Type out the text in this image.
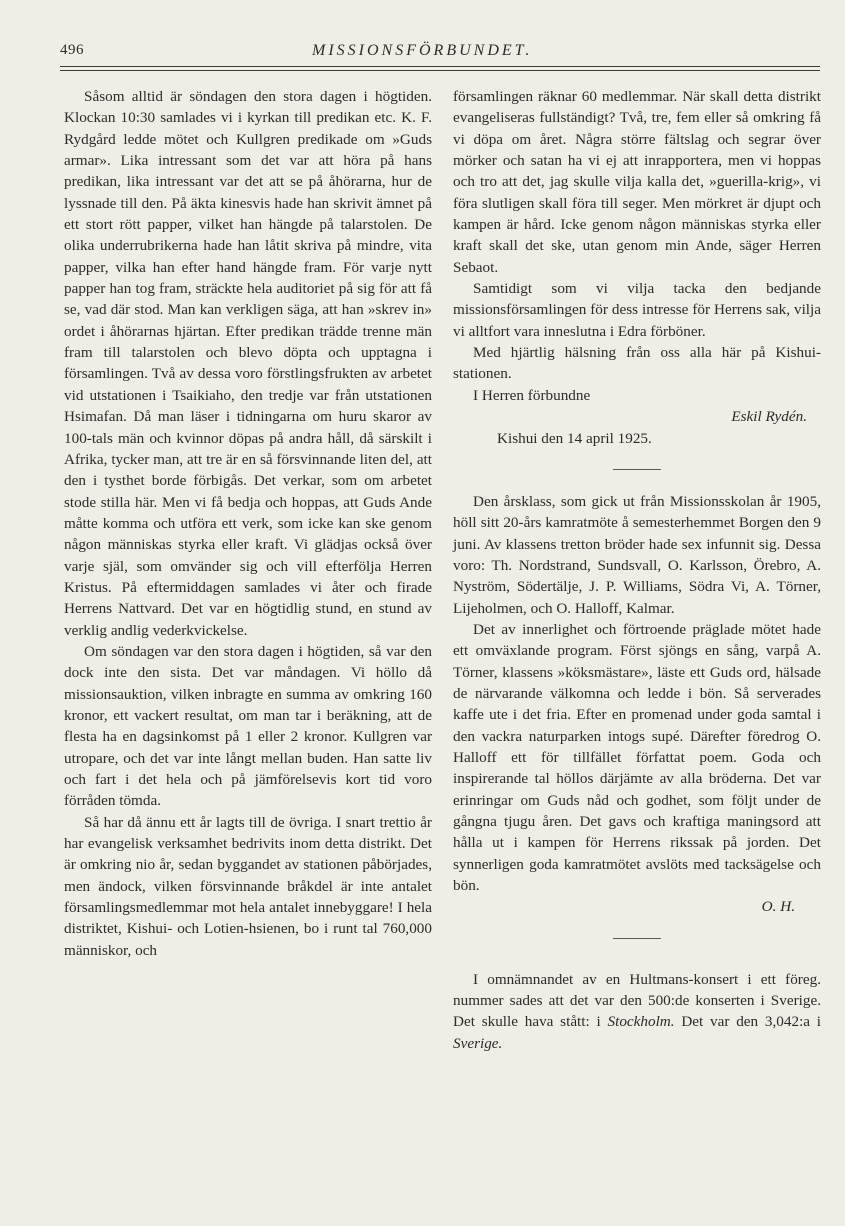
496	MISSIONSFÖRBUNDET.

Såsom alltid är söndagen den stora dagen i högtiden. Klockan 10:30 samlades vi i kyrkan till predikan etc. K. F. Rydgård ledde mötet och Kullgren predikade om »Guds armar». Lika intressant som det var att höra på hans predikan, lika intressant var det att se på åhörarna, hur de lyssnade till den. På äkta kinesvis hade han skrivit ämnet på ett stort rött papper, vilket han hängde på talarstolen. De olika underrubrikerna hade han låtit skriva på mindre, vita papper, vilka han efter hand hängde fram. För varje nytt papper han tog fram, sträckte hela auditoriet på sig för att få se, vad där stod. Man kan verkligen säga, att han »skrev in» ordet i åhörarnas hjärtan. Efter predikan trädde trenne män fram till talarstolen och blevo döpta och upptagna i församlingen. Två av dessa voro förstlingsfrukten av arbetet vid utstationen i Tsaikiaho, den tredje var från utstationen Hsimafan. Då man läser i tidningarna om huru skaror av 100-tals män och kvinnor döpas på andra håll, då särskilt i Afrika, tycker man, att tre är en så försvinnande liten del, att den i tysthet borde förbigås. Det verkar, som om arbetet stode stilla här. Men vi få bedja och hoppas, att Guds Ande måtte komma och utföra ett verk, som icke kan ske genom någon människas styrka eller kraft. Vi glädjas också över varje själ, som omvänder sig och vill efterfölja Herren Kristus. På eftermiddagen samlades vi åter och firade Herrens Nattvard. Det var en högtidlig stund, en stund av verklig andlig vederkvickelse.

Om söndagen var den stora dagen i högtiden, så var den dock inte den sista. Det var måndagen. Vi höllo då missionsauktion, vilken inbragte en summa av omkring 160 kronor, ett vackert resultat, om man tar i beräkning, att de flesta ha en dagsinkomst på 1 eller 2 kronor. Kullgren var utropare, och det var inte långt mellan buden. Han satte liv och fart i det hela och på jämförelsevis kort tid voro förråden tömda.

Så har då ännu ett år lagts till de övriga. I snart trettio år har evangelisk verksamhet bedrivits inom detta distrikt. Det är omkring nio år, sedan byggandet av stationen påbörjades, men ändock, vilken försvinnande bråkdel är inte antalet församlingsmedlemmar mot hela antalet innebyggare! I hela distriktet, Kishui- och Lotien-hsienen, bo i runt tal 760,000 människor, och

församlingen räknar 60 medlemmar. När skall detta distrikt evangeliseras fullständigt? Två, tre, fem eller så omkring få vi döpa om året. Några större fältslag och segrar över mörker och satan ha vi ej att inrapportera, men vi hoppas och tro att det, jag skulle vilja kalla det, »guerilla-krig», vi föra slutligen skall föra till seger. Men mörkret är djupt och kampen är hård. Icke genom någon människas styrka eller kraft skall det ske, utan genom min Ande, säger Herren Sebaot.

Samtidigt som vi vilja tacka den bedjande missionsförsamlingen för dess intresse för Herrens sak, vilja vi alltfort vara inneslutna i Edra förböner.

Med hjärtlig hälsning från oss alla här på Kishui-stationen.

I Herren förbundne

Eskil Rydén.

Kishui den 14 april 1925.

Den årsklass, som gick ut från Missionsskolan år 1905, höll sitt 20-års kamratmöte å semesterhemmet Borgen den 9 juni. Av klassens tretton bröder hade sex infunnit sig. Dessa voro: Th. Nordstrand, Sundsvall, O. Karlsson, Örebro, A. Nyström, Södertälje, J. P. Williams, Södra Vi, A. Törner, Lijeholmen, och O. Halloff, Kalmar.

Det av innerlighet och förtroende präglade mötet hade ett omväxlande program. Först sjöngs en sång, varpå A. Törner, klassens »köksmästare», läste ett Guds ord, hälsade de närvarande välkomna och ledde i bön. Så serverades kaffe ute i det fria. Efter en promenad under goda samtal i den vackra naturparken intogs supé. Därefter föredrog O. Halloff ett för tillfället författat poem. Goda och inspirerande tal höllos därjämte av alla bröderna. Det var erinringar om Guds nåd och godhet, som följt under de gångna tjugu åren. Det gavs och kraftiga maningsord att hålla ut i kampen för Herrens rikssak på jorden. Det synnerligen goda kamratmötet avslöts med tacksägelse och bön.

O. H.

I omnämnandet av en Hultmans-konsert i ett föreg. nummer sades att det var den 500:de konserten i Sverige. Det skulle hava stått: i Stockholm. Det var den 3,042:a i Sverige.
